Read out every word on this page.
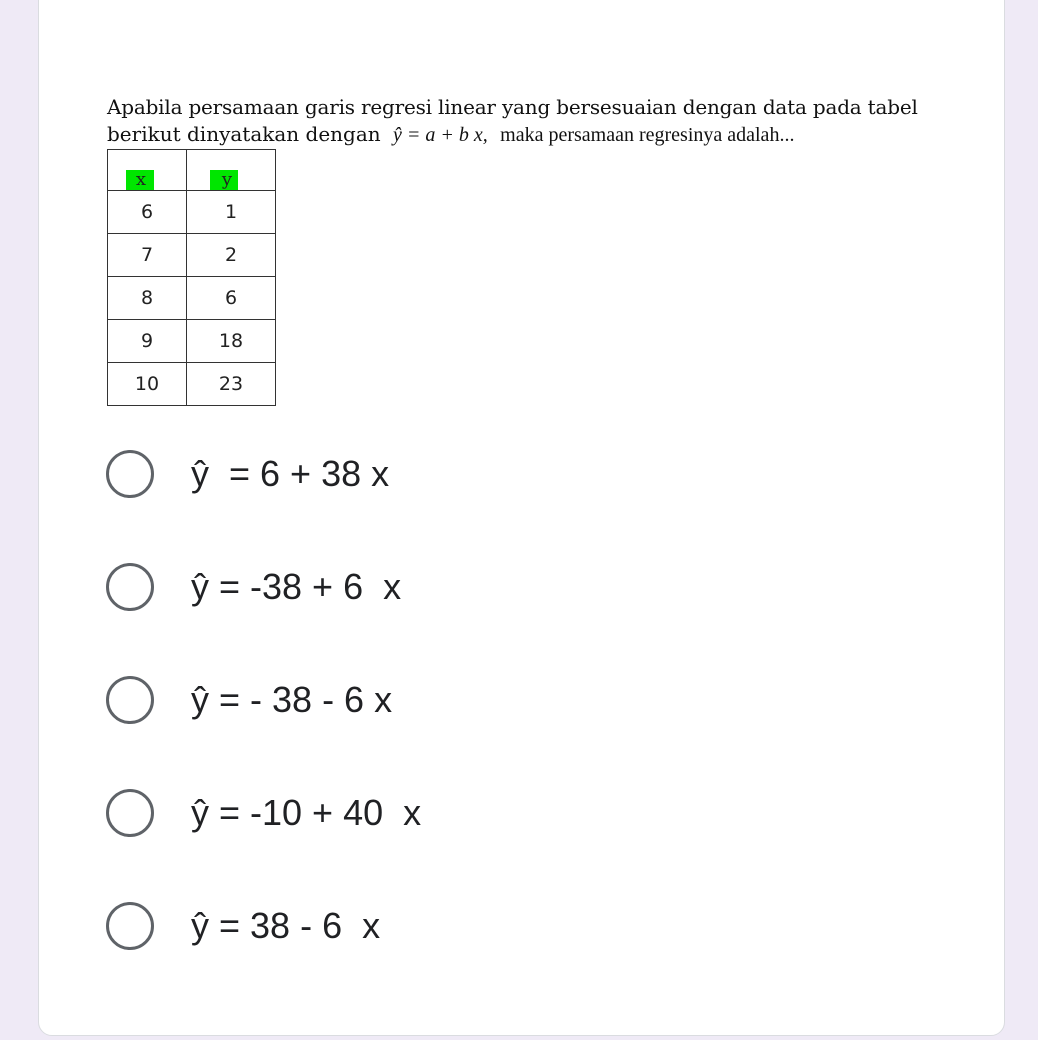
Apabila persamaan garis regresi linear yang bersesuaian dengan data pada tabel

berikut dinyatakan dengan ŷ = a + b x, maka persamaan regresinya adalah...

x	y
6	1
7	2
8	6
9	18
10	23
ŷ  = 6 + 38 x
ŷ = -38 + 6  x
ŷ = - 38 - 6 x
ŷ = -10 + 40  x
ŷ = 38 - 6  x
